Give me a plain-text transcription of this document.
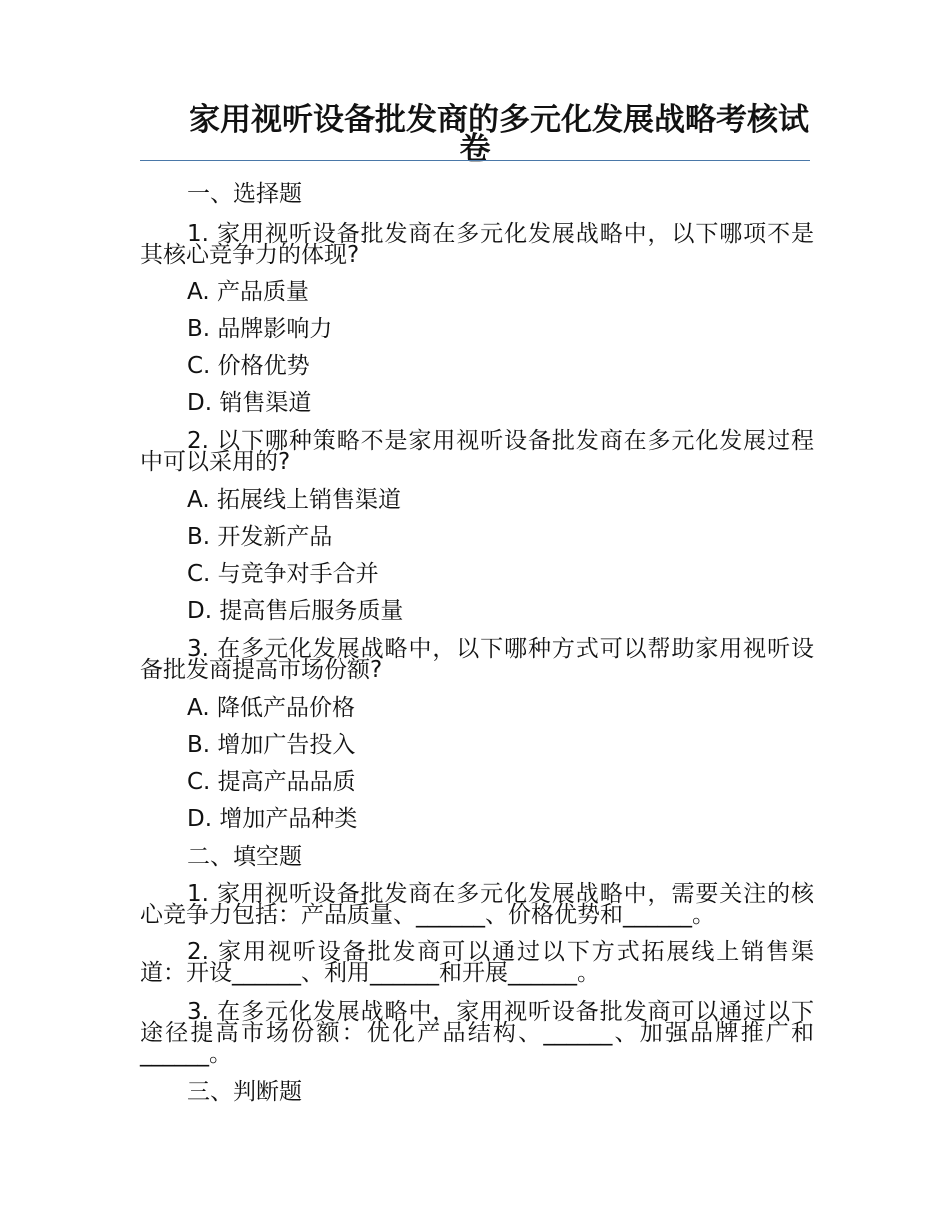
家用视听设备批发商的多元化发展战略考核试卷
一、选择题
1. 家用视听设备批发商在多元化发展战略中，以下哪项不是其核心竞争力的体现?
A. 产品质量
B. 品牌影响力
C. 价格优势
D. 销售渠道
2. 以下哪种策略不是家用视听设备批发商在多元化发展过程中可以采用的?
A. 拓展线上销售渠道
B. 开发新产品
C. 与竞争对手合并
D. 提高售后服务质量
3. 在多元化发展战略中，以下哪种方式可以帮助家用视听设备批发商提高市场份额?
A. 降低产品价格
B. 增加广告投入
C. 提高产品品质
D. 增加产品种类
二、填空题
1. 家用视听设备批发商在多元化发展战略中，需要关注的核心竞争力包括：产品质量、______、价格优势和______。
2. 家用视听设备批发商可以通过以下方式拓展线上销售渠道：开设______、利用______和开展______。
3. 在多元化发展战略中，家用视听设备批发商可以通过以下途径提高市场份额：优化产品结构、______、加强品牌推广和______。
三、判断题
